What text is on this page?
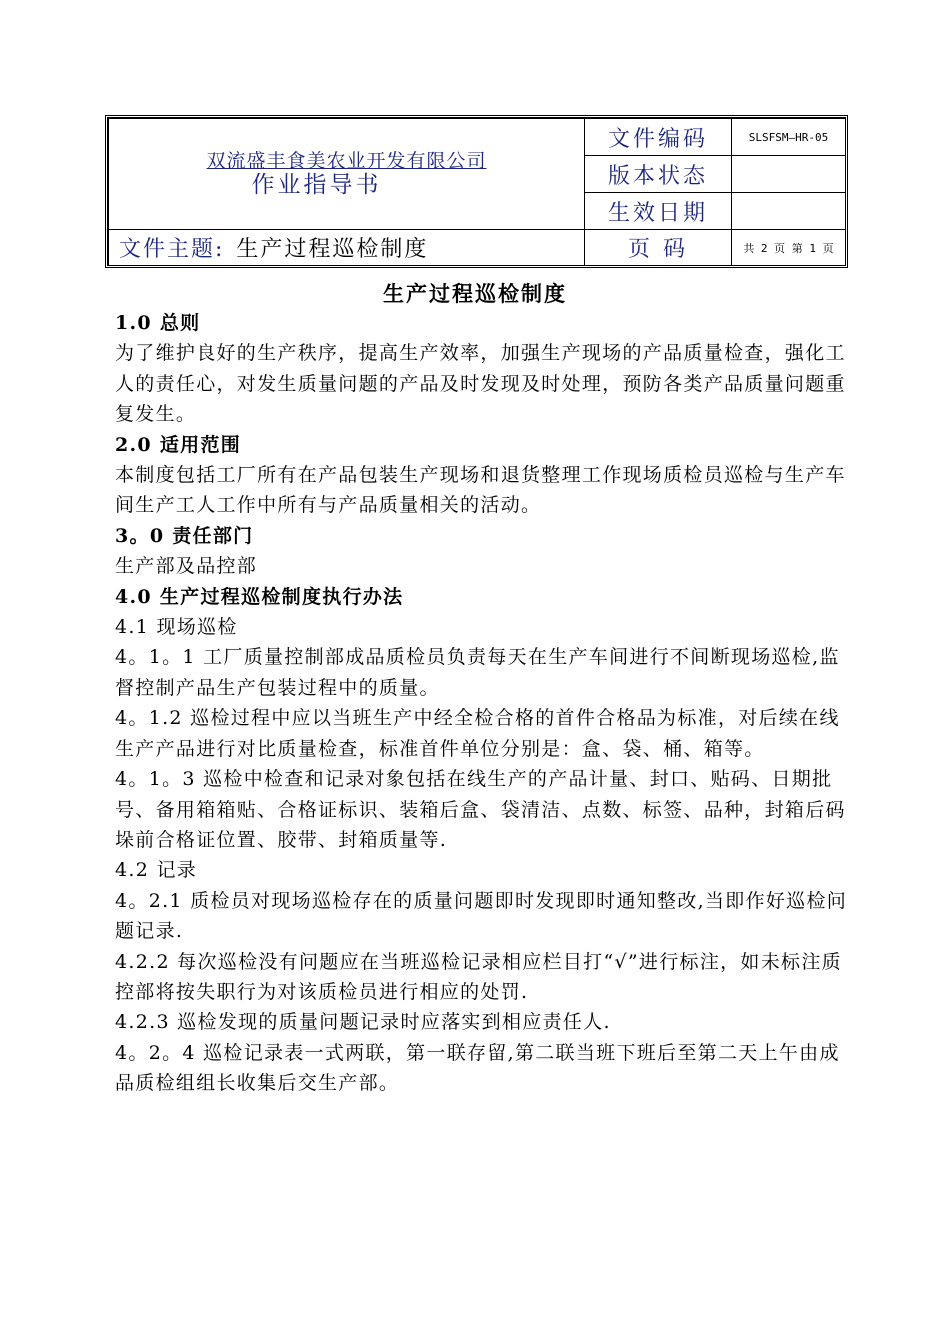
双流盛丰食美农业开发有限公司
作业指导书	文件编码	SLSFSM—HR-05
	版本状态	
	生效日期	
文件主题: 生产过程巡检制度	页 码	共 2 页 第 1 页
生产过程巡检制度

1.0 总则

为了维护良好的生产秩序，提高生产效率，加强生产现场的产品质量检查，强化工人的责任心，对发生质量问题的产品及时发现及时处理，预防各类产品质量问题重复发生。

2.0 适用范围

本制度包括工厂所有在产品包装生产现场和退货整理工作现场质检员巡检与生产车间生产工人工作中所有与产品质量相关的活动。

3。0 责任部门

生产部及品控部

4.0 生产过程巡检制度执行办法

4.1 现场巡检

4。1。1 工厂质量控制部成品质检员负责每天在生产车间进行不间断现场巡检,监督控制产品生产包装过程中的质量。

4。1.2 巡检过程中应以当班生产中经全检合格的首件合格品为标准，对后续在线生产产品进行对比质量检查，标准首件单位分别是：盒、袋、桶、箱等。

4。1。3 巡检中检查和记录对象包括在线生产的产品计量、封口、贴码、日期批号、备用箱箱贴、合格证标识、装箱后盒、袋清洁、点数、标签、品种，封箱后码垛前合格证位置、胶带、封箱质量等.

4.2 记录

4。2.1 质检员对现场巡检存在的质量问题即时发现即时通知整改,当即作好巡检问题记录.

4.2.2 每次巡检没有问题应在当班巡检记录相应栏目打“√”进行标注，如未标注质控部将按失职行为对该质检员进行相应的处罚.

4.2.3 巡检发现的质量问题记录时应落实到相应责任人.

4。2。4 巡检记录表一式两联，第一联存留,第二联当班下班后至第二天上午由成品质检组组长收集后交生产部。
